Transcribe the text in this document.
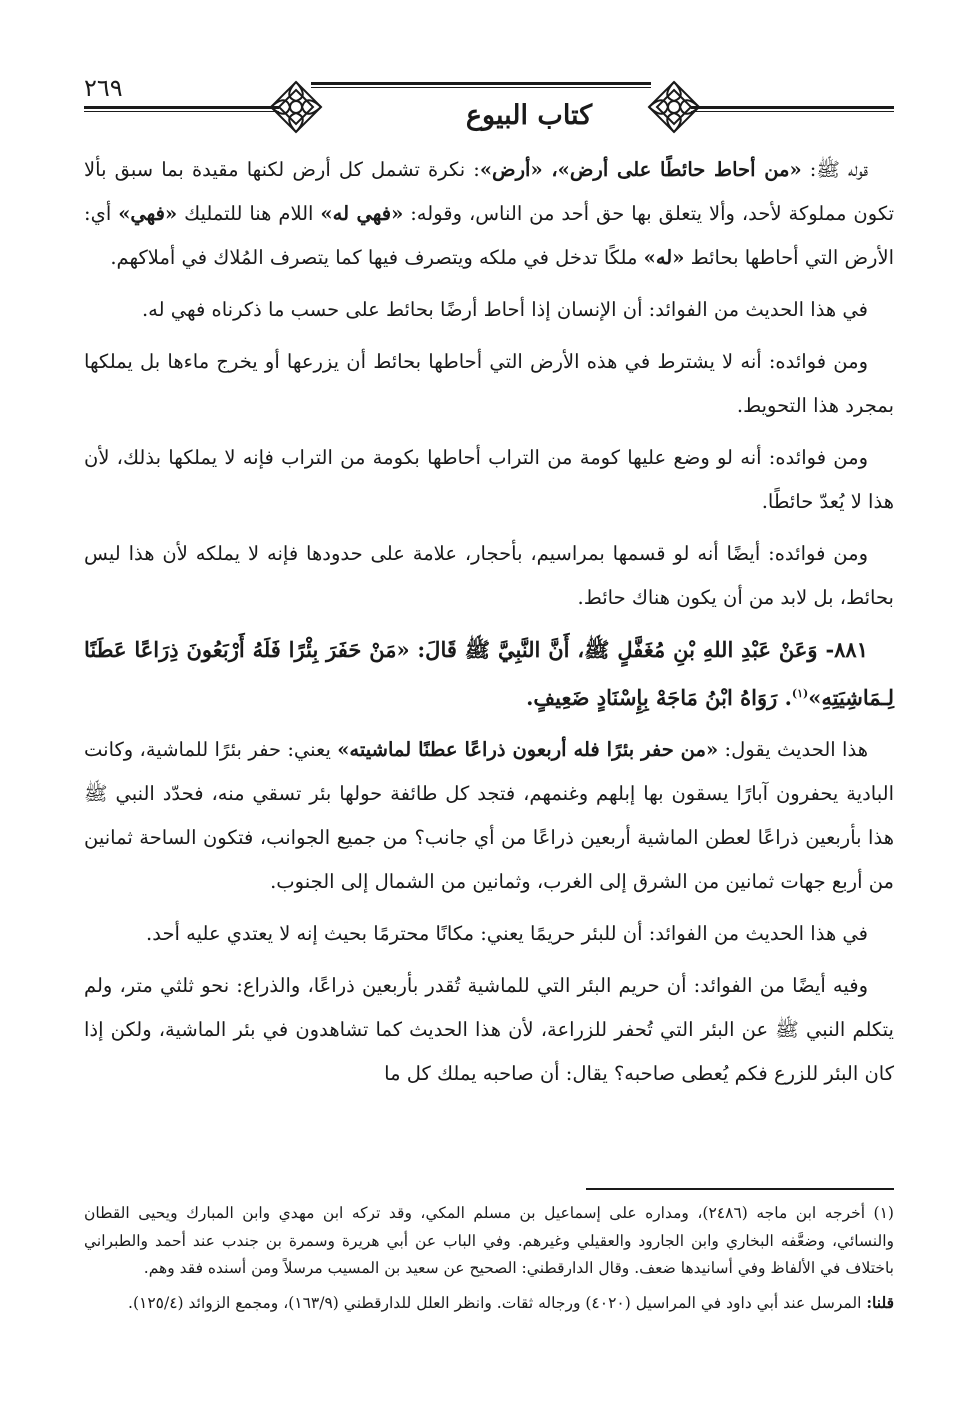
٢٦٩
كتاب البيوع

قوله ﷺ: «من أحاط حائطًا على أرض»، «أرض»: نكرة تشمل كل أرض لكنها مقيدة بما سبق بألا تكون مملوكة لأحد، وألا يتعلق بها حق أحد من الناس، وقوله: «فهي له» اللام هنا للتمليك «فهي» أي: الأرض التي أحاطها بحائط «له» ملكًا تدخل في ملكه ويتصرف فيها كما يتصرف المُلاك في أملاكهم.

في هذا الحديث من الفوائد: أن الإنسان إذا أحاط أرضًا بحائط على حسب ما ذكرناه فهي له.

ومن فوائده: أنه لا يشترط في هذه الأرض التي أحاطها بحائط أن يزرعها أو يخرج ماءها بل يملكها بمجرد هذا التحويط.

ومن فوائده: أنه لو وضع عليها كومة من التراب أحاطها بكومة من التراب فإنه لا يملكها بذلك، لأن هذا لا يُعدّ حائطًا.

ومن فوائده: أيضًا أنه لو قسمها بمراسيم، بأحجار، علامة على حدودها فإنه لا يملكه لأن هذا ليس بحائط، بل لابد من أن يكون هناك حائط.

٨٨١- وَعَنْ عَبْدِ اللهِ بْنِ مُغَفَّلٍ ﷺ، أَنَّ النَّبِيَّ ﷺ قَالَ: «مَنْ حَفَرَ بِئْرًا فَلَهُ أَرْبَعُونَ ذِرَاعًا عَطَنًا لِـمَاشِيَتِهِ»$^{(١)}$. رَوَاهُ ابْنُ مَاجَهْ بِإِسْنَادٍ ضَعِيفٍ.

هذا الحديث يقول: «من حفر بئرًا فله أربعون ذراعًا عطنًا لماشيته» يعني: حفر بئرًا للماشية، وكانت البادية يحفرون آبارًا يسقون بها إبلهم وغنمهم، فتجد كل طائفة حولها بئر تسقي منه، فحدّد النبي ﷺ هذا بأربعين ذراعًا لعطن الماشية أربعين ذراعًا من أي جانب؟ من جميع الجوانب، فتكون الساحة ثمانين من أربع جهات ثمانين من الشرق إلى الغرب، وثمانين من الشمال إلى الجنوب.

في هذا الحديث من الفوائد: أن للبئر حريمًا يعني: مكانًا محترمًا بحيث إنه لا يعتدي عليه أحد.

وفيه أيضًا من الفوائد: أن حريم البئر التي للماشية تُقدر بأربعين ذراعًا، والذراع: نحو ثلثي متر، ولم يتكلم النبي ﷺ عن البئر التي تُحفر للزراعة، لأن هذا الحديث كما تشاهدون في بئر الماشية، ولكن إذا كان البئر للزرع فكم يُعطى صاحبه؟ يقال: أن صاحبه يملك كل ما

(١) أخرجه ابن ماجه (٢٤٨٦)، ومداره على إسماعيل بن مسلم المكي، وقد تركه ابن مهدي وابن المبارك ويحيى القطان والنسائي، وضعَّفه البخاري وابن الجارود والعقيلي وغيرهم. وفي الباب عن أبي هريرة وسمرة بن جندب عند أحمد والطبراني باختلاف في الألفاظ وفي أسانيدها ضعف. وقال الدارقطني: الصحيح عن سعيد بن المسيب مرسلاً ومن أسنده فقد وهم.

قلنا: المرسل عند أبي داود في المراسيل (٤٠٢٠) ورجاله ثقات. وانظر العلل للدارقطني (١٦٣/٩)، ومجمع الزوائد (١٢٥/٤).
